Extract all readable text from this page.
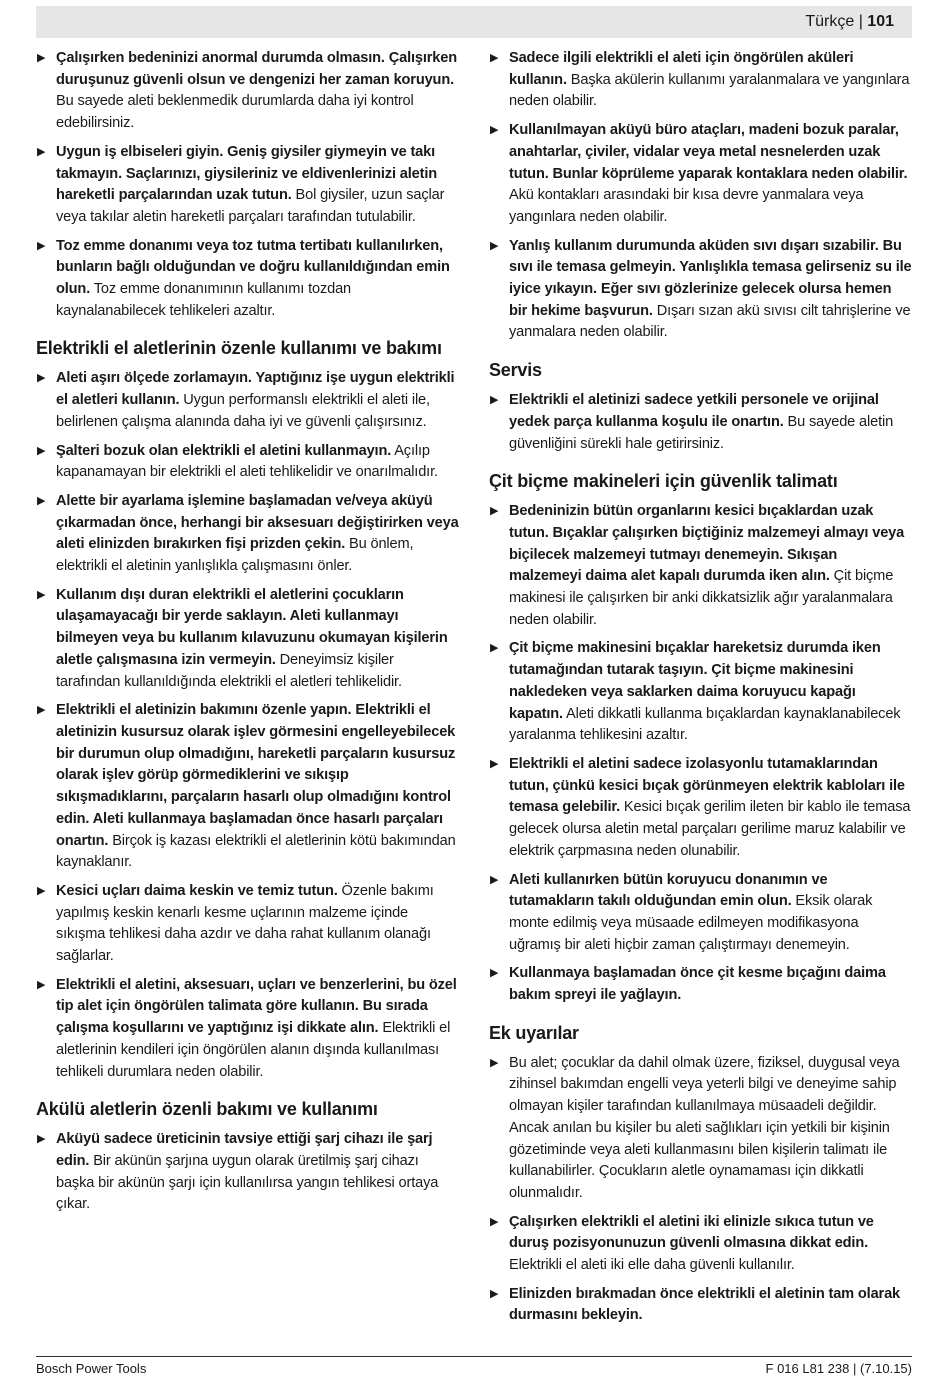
Türkçe | 101
▶ Çalışırken bedeninizi anormal durumda olmasın. Çalışırken duruşunuz güvenli olsun ve dengenizi her zaman koruyun. Bu sayede aleti beklenmedik durumlarda daha iyi kontrol edebilirsiniz.
▶ Uygun iş elbiseleri giyin. Geniş giysiler giymeyin ve takı takmayın. Saçlarınızı, giysileriniz ve eldivenlerinizi aletin hareketli parçalarından uzak tutun. Bol giysiler, uzun saçlar veya takılar aletin hareketli parçaları tarafından tutulabilir.
▶ Toz emme donanımı veya toz tutma tertibatı kullanılırken, bunların bağlı olduğundan ve doğru kullanıldığından emin olun. Toz emme donanımının kullanımı tozdan kaynalanabilecek tehlikeleri azaltır.
Elektrikli el aletlerinin özenle kullanımı ve bakımı
▶ Aleti aşırı ölçede zorlamayın. Yaptığınız işe uygun elektrikli el aletleri kullanın. Uygun performanslı elektrikli el aleti ile, belirlenen çalışma alanında daha iyi ve güvenli çalışırsınız.
▶ Şalteri bozuk olan elektrikli el aletini kullanmayın. Açılıp kapanamayan bir elektrikli el aleti tehlikelidir ve onarılmalıdır.
▶ Alette bir ayarlama işlemine başlamadan ve/veya aküyü çıkarmadan önce, herhangi bir aksesuarı değiştirirken veya aleti elinizden bırakırken fişi prizden çekin. Bu önlem, elektrikli el aletinin yanlışlıkla çalışmasını önler.
▶ Kullanım dışı duran elektrikli el aletlerini çocukların ulaşamayacağı bir yerde saklayın. Aleti kullanmayı bilmeyen veya bu kullanım kılavuzunu okumayan kişilerin aletle çalışmasına izin vermeyin. Deneyimsiz kişiler tarafından kullanıldığında elektrikli el aletleri tehlikelidir.
▶ Elektrikli el aletinizin bakımını özenle yapın. Elektrikli el aletinizin kusursuz olarak işlev görmesini engelleyebilecek bir durumun olup olmadığını, hareketli parçaların kusursuz olarak işlev görüp görmediklerini ve sıkışıp sıkışmadıklarını, parçaların hasarlı olup olmadığını kontrol edin. Aleti kullanmaya başlamadan önce hasarlı parçaları onartın. Birçok iş kazası elektrikli el aletlerinin kötü bakımından kaynaklanır.
▶ Kesici uçları daima keskin ve temiz tutun. Özenle bakımı yapılmış keskin kenarlı kesme uçlarının malzeme içinde sıkışma tehlikesi daha azdır ve daha rahat kullanım olanağı sağlarlar.
▶ Elektrikli el aletini, aksesuarı, uçları ve benzerlerini, bu özel tip alet için öngörülen talimata göre kullanın. Bu sırada çalışma koşullarını ve yaptığınız işi dikkate alın. Elektrikli el aletlerinin kendileri için öngörülen alanın dışında kullanılması tehlikeli durumlara neden olabilir.
Akülü aletlerin özenli bakımı ve kullanımı
▶ Aküyü sadece üreticinin tavsiye ettiği şarj cihazı ile şarj edin. Bir akünün şarjına uygun olarak üretilmiş şarj cihazı başka bir akünün şarjı için kullanılırsa yangın tehlikesi ortaya çıkar.
▶ Sadece ilgili elektrikli el aleti için öngörülen aküleri kullanın. Başka akülerin kullanımı yaralanmalara ve yangınlara neden olabilir.
▶ Kullanılmayan aküyü büro ataçları, madeni bozuk paralar, anahtarlar, çiviler, vidalar veya metal nesnelerden uzak tutun. Bunlar köprüleme yaparak kontaklara neden olabilir. Akü kontakları arasındaki bir kısa devre yanmalara veya yangınlara neden olabilir.
▶ Yanlış kullanım durumunda aküden sıvı dışarı sızabilir. Bu sıvı ile temasa gelmeyin. Yanlışlıkla temasa gelirseniz su ile iyice yıkayın. Eğer sıvı gözlerinize gelecek olursa hemen bir hekime başvurun. Dışarı sızan akü sıvısı cilt tahrişlerine ve yanmalara neden olabilir.
Servis
▶ Elektrikli el aletinizi sadece yetkili personele ve orijinal yedek parça kullanma koşulu ile onartın. Bu sayede aletin güvenliğini sürekli hale getirirsiniz.
Çit biçme makineleri için güvenlik talimatı
▶ Bedeninizin bütün organlarını kesici bıçaklardan uzak tutun. Bıçaklar çalışırken biçtiğiniz malzemeyi almayı veya biçilecek malzemeyi tutmayı denemeyin. Sıkışan malzemeyi daima alet kapalı durumda iken alın. Çit biçme makinesi ile çalışırken bir anki dikkatsizlik ağır yaralanmalara neden olabilir.
▶ Çit biçme makinesini bıçaklar hareketsiz durumda iken tutamağından tutarak taşıyın. Çit biçme makinesini nakledeken veya saklarken daima koruyucu kapağı kapatın. Aleti dikkatli kullanma bıçaklardan kaynaklanabilecek yaralanma tehlikesini azaltır.
▶ Elektrikli el aletini sadece izolasyonlu tutamaklarından tutun, çünkü kesici bıçak görünmeyen elektrik kabloları ile temasa gelebilir. Kesici bıçak gerilim ileten bir kablo ile temasa gelecek olursa aletin metal parçaları gerilime maruz kalabilir ve elektrik çarpmasına neden olunabilir.
▶ Aleti kullanırken bütün koruyucu donanımın ve tutamakların takılı olduğundan emin olun. Eksik olarak monte edilmiş veya müsaade edilmeyen modifikasyona uğramış bir aleti hiçbir zaman çalıştırmayı denemeyin.
▶ Kullanmaya başlamadan önce çit kesme bıçağını daima bakım spreyi ile yağlayın.
Ek uyarılar
▶ Bu alet; çocuklar da dahil olmak üzere, fiziksel, duygusal veya zihinsel bakımdan engelli veya yeterli bilgi ve deneyime sahip olmayan kişiler tarafından kullanılmaya müsaadeli değildir. Ancak anılan bu kişiler bu aleti sağlıkları için yetkili bir kişinin gözetiminde veya aleti kullanmasını bilen kişilerin talimatı ile kullanabilirler. Çocukların aletle oynamaması için dikkatli olunmalıdır.
▶ Çalışırken elektrikli el aletini iki elinizle sıkıca tutun ve duruş pozisyonunuzun güvenli olmasına dikkat edin. Elektrikli el aleti iki elle daha güvenli kullanılır.
▶ Elinizden bırakmadan önce elektrikli el aletinin tam olarak durmasını bekleyin.
Bosch Power Tools	F 016 L81 238 | (7.10.15)
